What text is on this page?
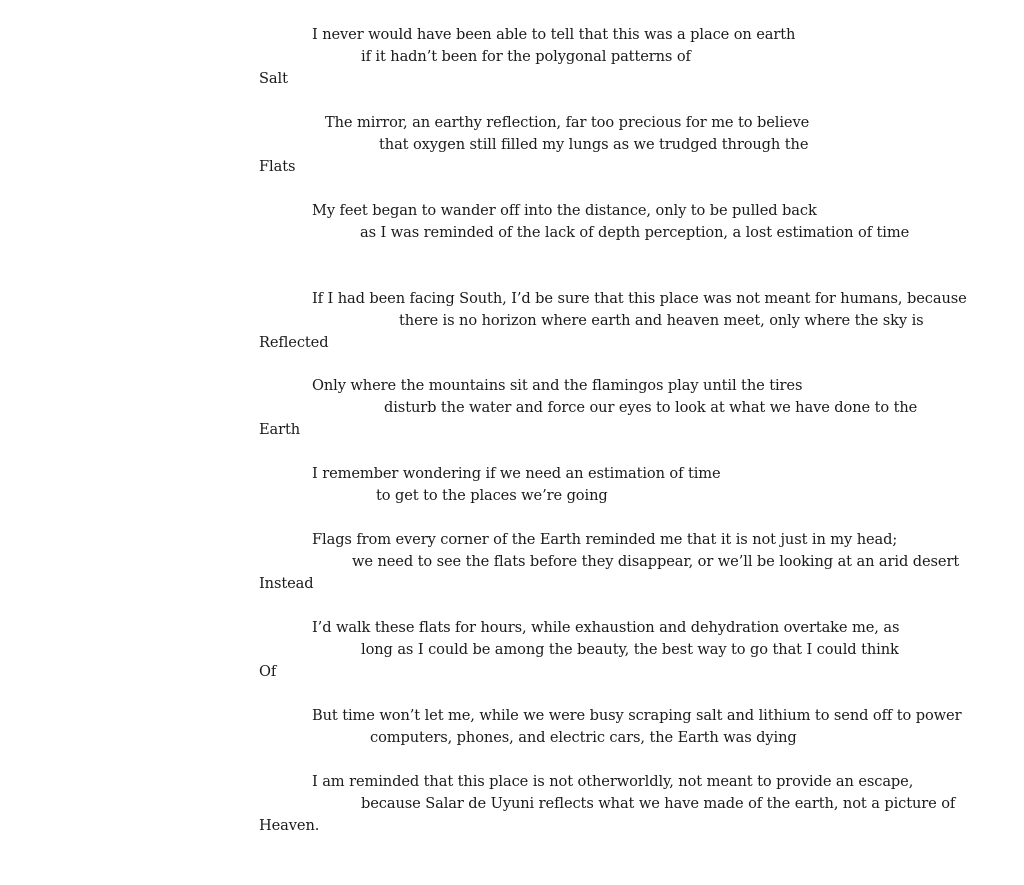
I never would have been able to tell that this was a place on earth
if it hadn’t been for the polygonal patterns of
Salt
The mirror, an earthy reflection, far too precious for me to believe
that oxygen still filled my lungs as we trudged through the
Flats
My feet began to wander off into the distance, only to be pulled back
as I was reminded of the lack of depth perception, a lost estimation of time
If I had been facing South, I’d be sure that this place was not meant for humans, because
there is no horizon where earth and heaven meet, only where the sky is
Reflected
Only where the mountains sit and the flamingos play until the tires
disturb the water and force our eyes to look at what we have done to the
Earth
I remember wondering if we need an estimation of time
to get to the places we’re going
Flags from every corner of the Earth reminded me that it is not just in my head;
we need to see the flats before they disappear, or we’ll be looking at an arid desert
Instead
I’d walk these flats for hours, while exhaustion and dehydration overtake me, as
long as I could be among the beauty, the best way to go that I could think
Of
But time won’t let me, while we were busy scraping salt and lithium to send off to power
computers, phones, and electric cars, the Earth was dying
I am reminded that this place is not otherworldly, not meant to provide an escape,
because Salar de Uyuni reflects what we have made of the earth, not a picture of
Heaven.
